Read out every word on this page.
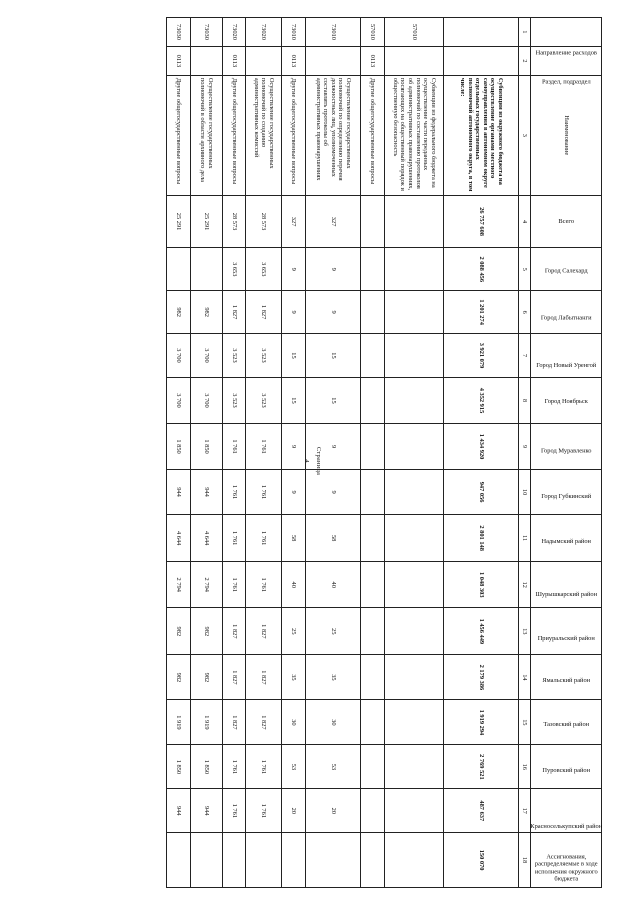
Страница 4
Направление расходов	Раздел, подраздел	Наименование	Всего	Город Салехард	Город Лабытнанги	Город Новый Уренгой	Город Ноябрьск	Город Муравленко	Город Губкинский	Надымский район	Шурышкарский район	Приуральский район	Ямальский район	Тазовский район	Пуровский район	Красноселькупский район	Ассигнования, распределяемые в ходе исполнения окружного бюджета
1	2	3	4	5	6	7	8	9	10	11	12	13	14	15	16	17	18
		Субвенции из окружного бюджета на осуществление органами местного самоуправления в автономном округе отдельных государственных полномочий автономного округа, в том числе:	26 757 608	2 088 456	1 201 274	3 921 079	4 352 915	1 434 920	947 056	2 801 148	1 048 303	1 456 449	2 179 386	1 919 294	2 769 521	487 637	150 070
57010		Субвенции из федерального бюджета на осуществление части переданных полномочий по составлению протоколов об административных правонарушениях, посягающих на общественный порядок и общественную безопасность															
57010	0113	Другие общегосударственные вопросы															
73010		Осуществление государственных полномочий по определению перечня должностных лиц, уполномоченных составлять протоколы об административных правонарушениях	327	9	9	15	15	9	9	58	40	25	35	30	53	20	
73010	0113	Другие общегосударственные вопросы	327	9	9	15	15	9	9	58	40	25	35	30	53	20	
73020		Осуществление государственных полномочий по созданию административных комиссий	28 573	3 653	1 827	3 523	3 523	1 761	1 761	1 761	1 761	1 827	1 827	1 827	1 761	1 761	
73020	0113	Другие общегосударственные вопросы	28 573	3 653	1 827	3 523	3 523	1 761	1 761	1 761	1 761	1 827	1 827	1 827	1 761	1 761	
73030		Осуществление государственных полномочий в области архивного дела	25 291		982	3 700	3 700	1 850	944	4 644	2 794	982	982	1 919	1 850	944	
73030	0113	Другие общегосударственные вопросы	25 291		982	3 700	3 700	1 850	944	4 644	2 794	982	982	1 919	1 850	944	
